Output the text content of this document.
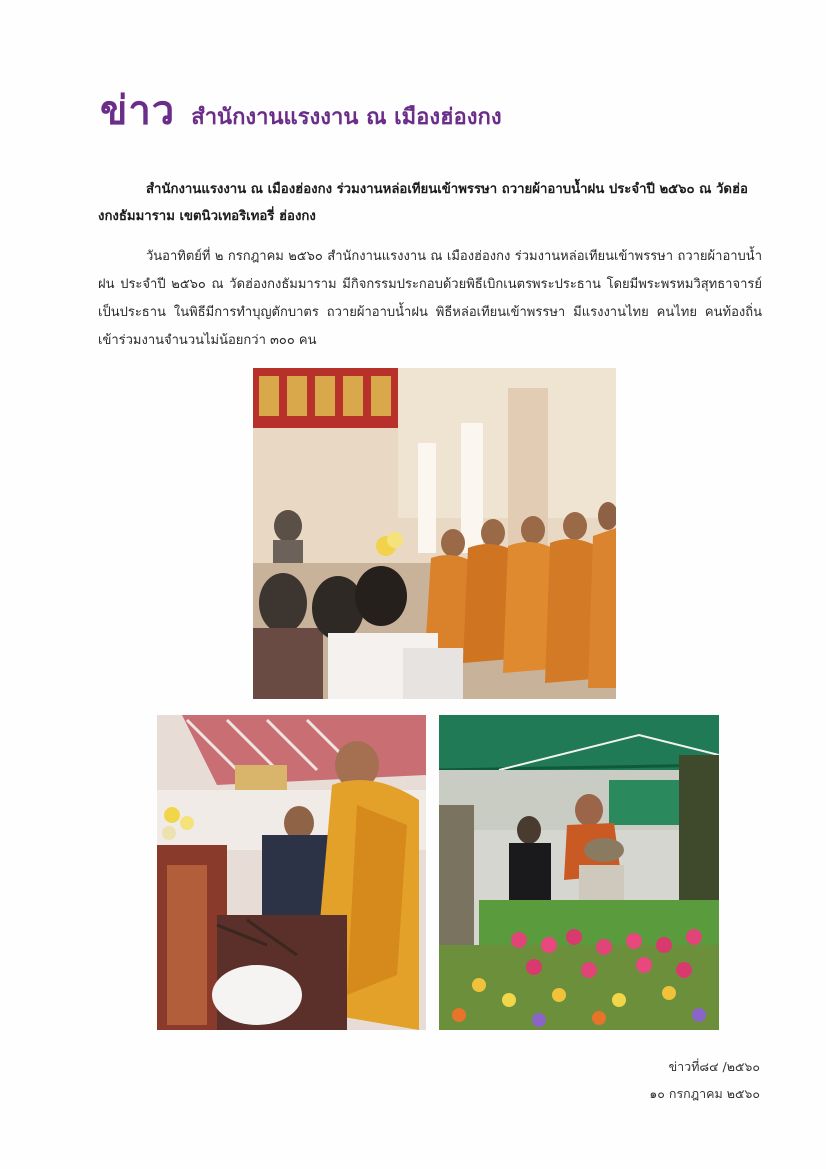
ข่าว สำนักงานแรงงาน ณ เมืองฮ่องกง
สำนักงานแรงงาน ณ เมืองฮ่องกง ร่วมงานหล่อเทียนเข้าพรรษา ถวายผ้าอาบน้ำฝน ประจำปี ๒๕๖๐ ณ วัดฮ่องกงธัมมาราม เขตนิวเทอริเทอรี่ ฮ่องกง
วันอาทิตย์ที่ ๒ กรกฎาคม ๒๕๖๐ สำนักงานแรงงาน ณ เมืองฮ่องกง ร่วมงานหล่อเทียนเข้าพรรษา ถวายผ้าอาบน้ำฝน ประจำปี ๒๕๖๐ ณ วัดฮ่องกงธัมมาราม มีกิจกรรมประกอบด้วยพิธีเบิกเนตรพระประธาน โดยมีพระพรหมวิสุทธาจารย์เป็นประธาน ในพิธีมีการทำบุญตักบาตร ถวายผ้าอาบน้ำฝน พิธีหล่อเทียนเข้าพรรษา มีแรงงานไทย คนไทย คนท้องถิ่น เข้าร่วมงานจำนวนไม่น้อยกว่า ๓๐๐ คน
ข่าวที่๘๔ /๒๕๖๐
๑๐ กรกฎาคม ๒๕๖๐
